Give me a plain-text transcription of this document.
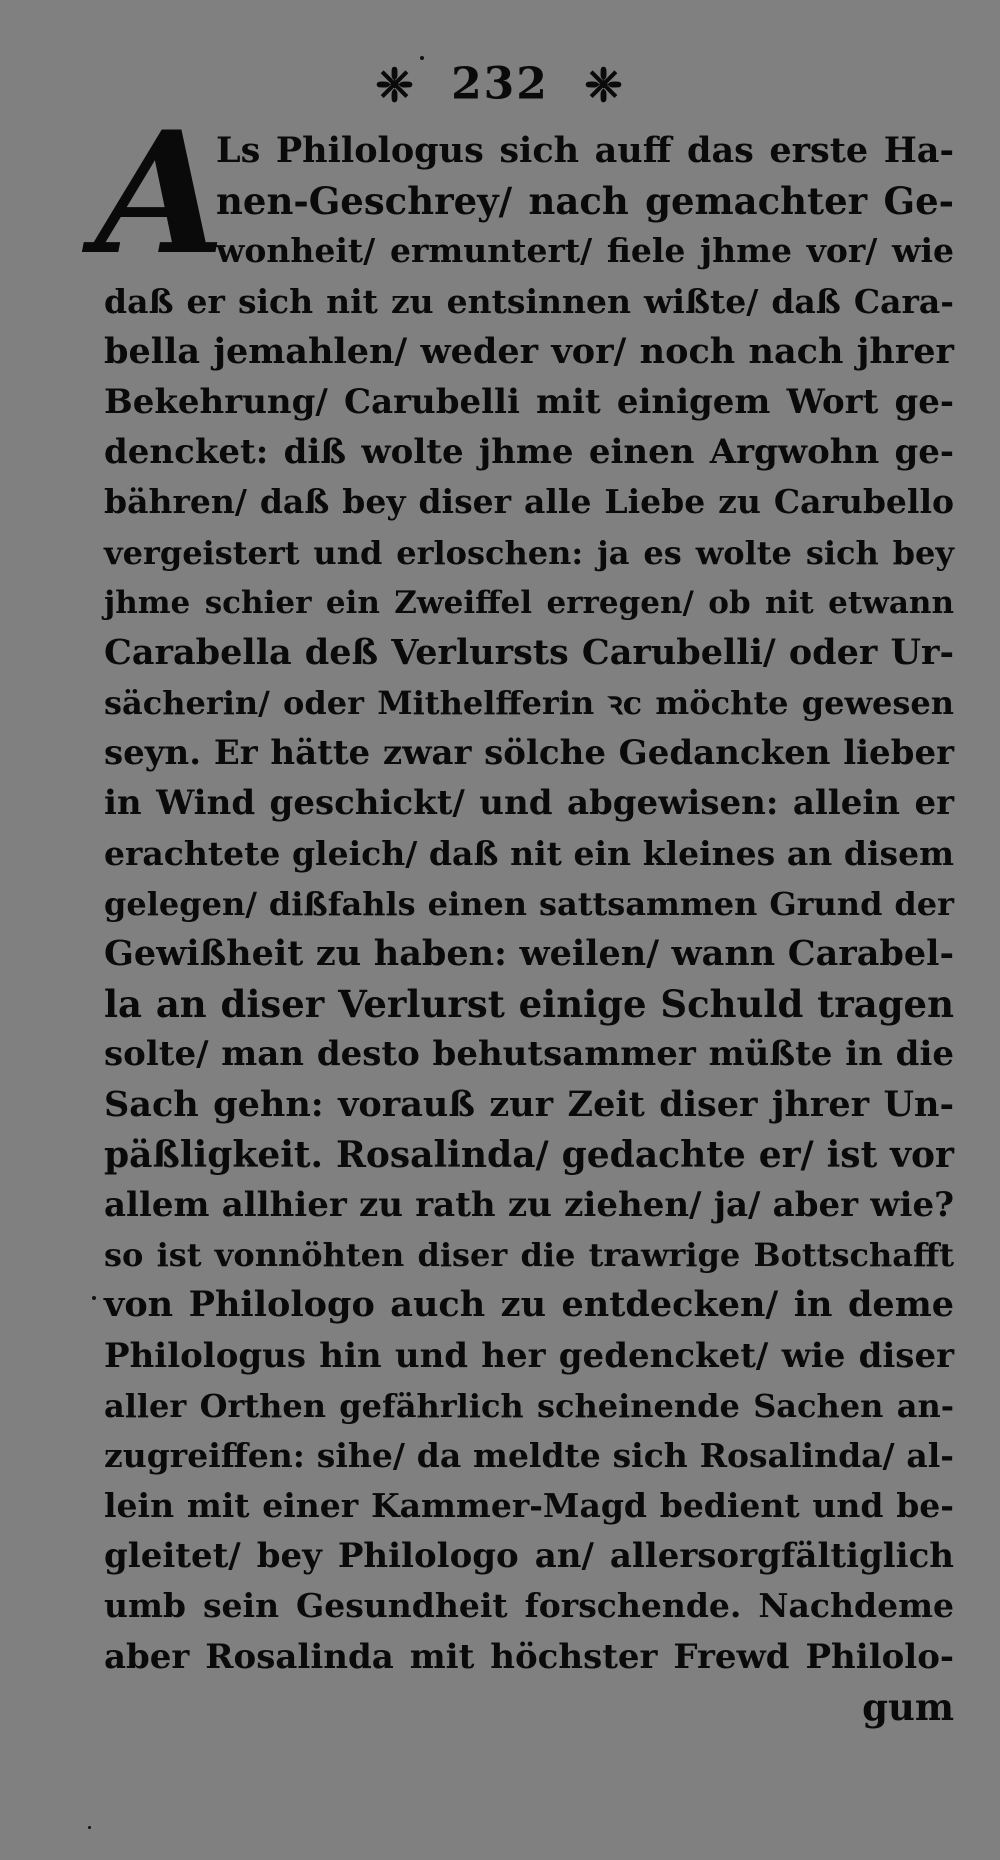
❈ 232 ❈
A
Ls Philologus sich auff das erste Ha-
nen-Geschrey/ nach gemachter Ge-
wonheit/ ermuntert/ fiele jhme vor/ wie
daß er sich nit zu entsinnen wißte/ daß Cara-
bella jemahlen/ weder vor/ noch nach jhrer
Bekehrung/ Carubelli mit einigem Wort ge-
dencket: diß wolte jhme einen Argwohn ge-
bähren/ daß bey diser alle Liebe zu Carubello
vergeistert und erloschen: ja es wolte sich bey
jhme schier ein Zweiffel erregen/ ob nit etwann
Carabella deß Verlursts Carubelli/ oder Ur-
sächerin/ oder Mithelfferin ꝛc möchte gewesen
seyn. Er hätte zwar sölche Gedancken lieber
in Wind geschickt/ und abgewisen: allein er
erachtete gleich/ daß nit ein kleines an disem
gelegen/ dißfahls einen sattsammen Grund der
Gewißheit zu haben: weilen/ wann Carabel-
la an diser Verlurst einige Schuld tragen
solte/ man desto behutsammer müßte in die
Sach gehn: vorauß zur Zeit diser jhrer Un-
päßligkeit. Rosalinda/ gedachte er/ ist vor
allem allhier zu rath zu ziehen/ ja/ aber wie?
so ist vonnöhten diser die trawrige Bottschafft
von Philologo auch zu entdecken/ in deme
Philologus hin und her gedencket/ wie diser
aller Orthen gefährlich scheinende Sachen an-
zugreiffen: sihe/ da meldte sich Rosalinda/ al-
lein mit einer Kammer-Magd bedient und be-
gleitet/ bey Philologo an/ allersorgfältiglich
umb sein Gesundheit forschende. Nachdeme
aber Rosalinda mit höchster Frewd Philolo-
gum
